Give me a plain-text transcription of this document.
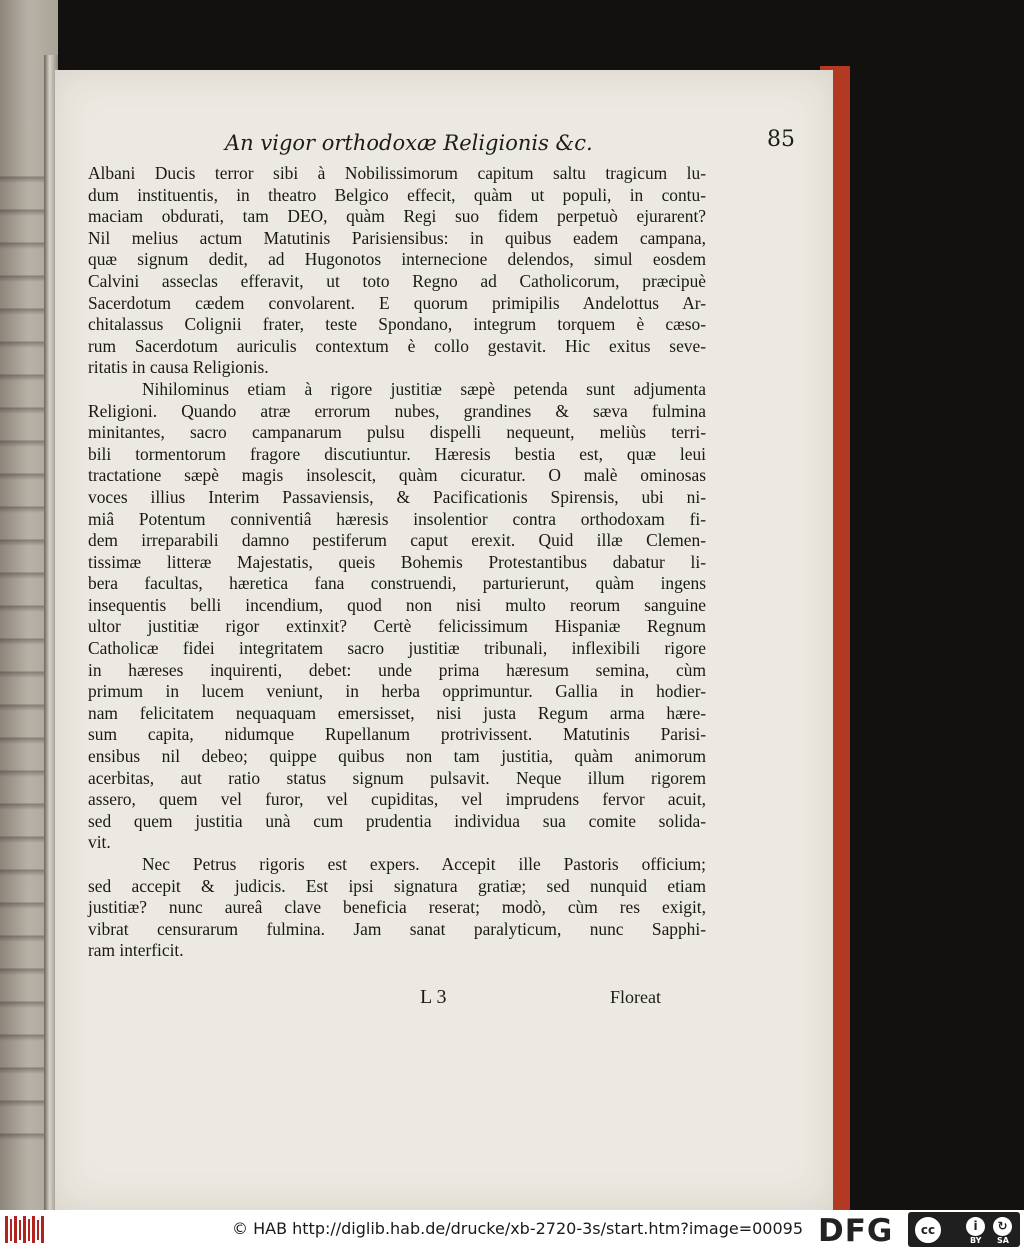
An vigor orthodoxæ Religionis &c.	85
Albani Ducis terror sibi à Nobilissimorum capitum saltu tragicum lu-
dum instituentis, in theatro Belgico effecit, quàm ut populi, in contu-
maciam obdurati, tam DEO, quàm Regi suo fidem perpetuò ejurarent?
Nil melius actum Matutinis Parisiensibus: in quibus eadem campana,
quæ signum dedit, ad Hugonotos internecione delendos, simul eosdem
Calvini asseclas efferavit, ut toto Regno ad Catholicorum, præcipuè
Sacerdotum cædem convolarent. E quorum primipilis Andelottus Ar-
chitalassus Colignii frater, teste Spondano, integrum torquem è cæso-
rum Sacerdotum auriculis contextum è collo gestavit. Hic exitus seve-
ritatis in causa Religionis.
Nihilominus etiam à rigore justitiæ sæpè petenda sunt adjumenta
Religioni. Quando atræ errorum nubes, grandines & sæva fulmina
minitantes, sacro campanarum pulsu dispelli nequeunt, meliùs terri-
bili tormentorum fragore discutiuntur. Hæresis bestia est, quæ leui
tractatione sæpè magis insolescit, quàm cicuratur. O malè ominosas
voces illius Interim Passaviensis, & Pacificationis Spirensis, ubi ni-
miâ Potentum conniventiâ hæresis insolentior contra orthodoxam fi-
dem irreparabili damno pestiferum caput erexit. Quid illæ Clemen-
tissimæ litteræ Majestatis, queis Bohemis Protestantibus dabatur li-
bera facultas, hæretica fana construendi, parturierunt, quàm ingens
insequentis belli incendium, quod non nisi multo reorum sanguine
ultor justitiæ rigor extinxit? Certè felicissimum Hispaniæ Regnum
Catholicæ fidei integritatem sacro justitiæ tribunali, inflexibili rigore
in hæreses inquirenti, debet: unde prima hæresum semina, cùm
primum in lucem veniunt, in herba opprimuntur. Gallia in hodier-
nam felicitatem nequaquam emersisset, nisi justa Regum arma hære-
sum capita, nidumque Rupellanum protrivissent. Matutinis Parisi-
ensibus nil debeo; quippe quibus non tam justitia, quàm animorum
acerbitas, aut ratio status signum pulsavit. Neque illum rigorem
assero, quem vel furor, vel cupiditas, vel imprudens fervor acuit,
sed quem justitia unà cum prudentia individua sua comite solida-
vit.
Nec Petrus rigoris est expers. Accepit ille Pastoris officium;
sed accepit & judicis. Est ipsi signatura gratiæ; sed nunquid etiam
justitiæ? nunc aureâ clave beneficia reserat; modò, cùm res exigit,
vibrat censurarum fulmina. Jam sanat paralyticum, nunc Sapphi-
ram interficit.
L 3	Floreat
© HAB http://diglib.hab.de/drucke/xb-2720-3s/start.htm?image=00095 DFG	cc	i	↻
BY SA
